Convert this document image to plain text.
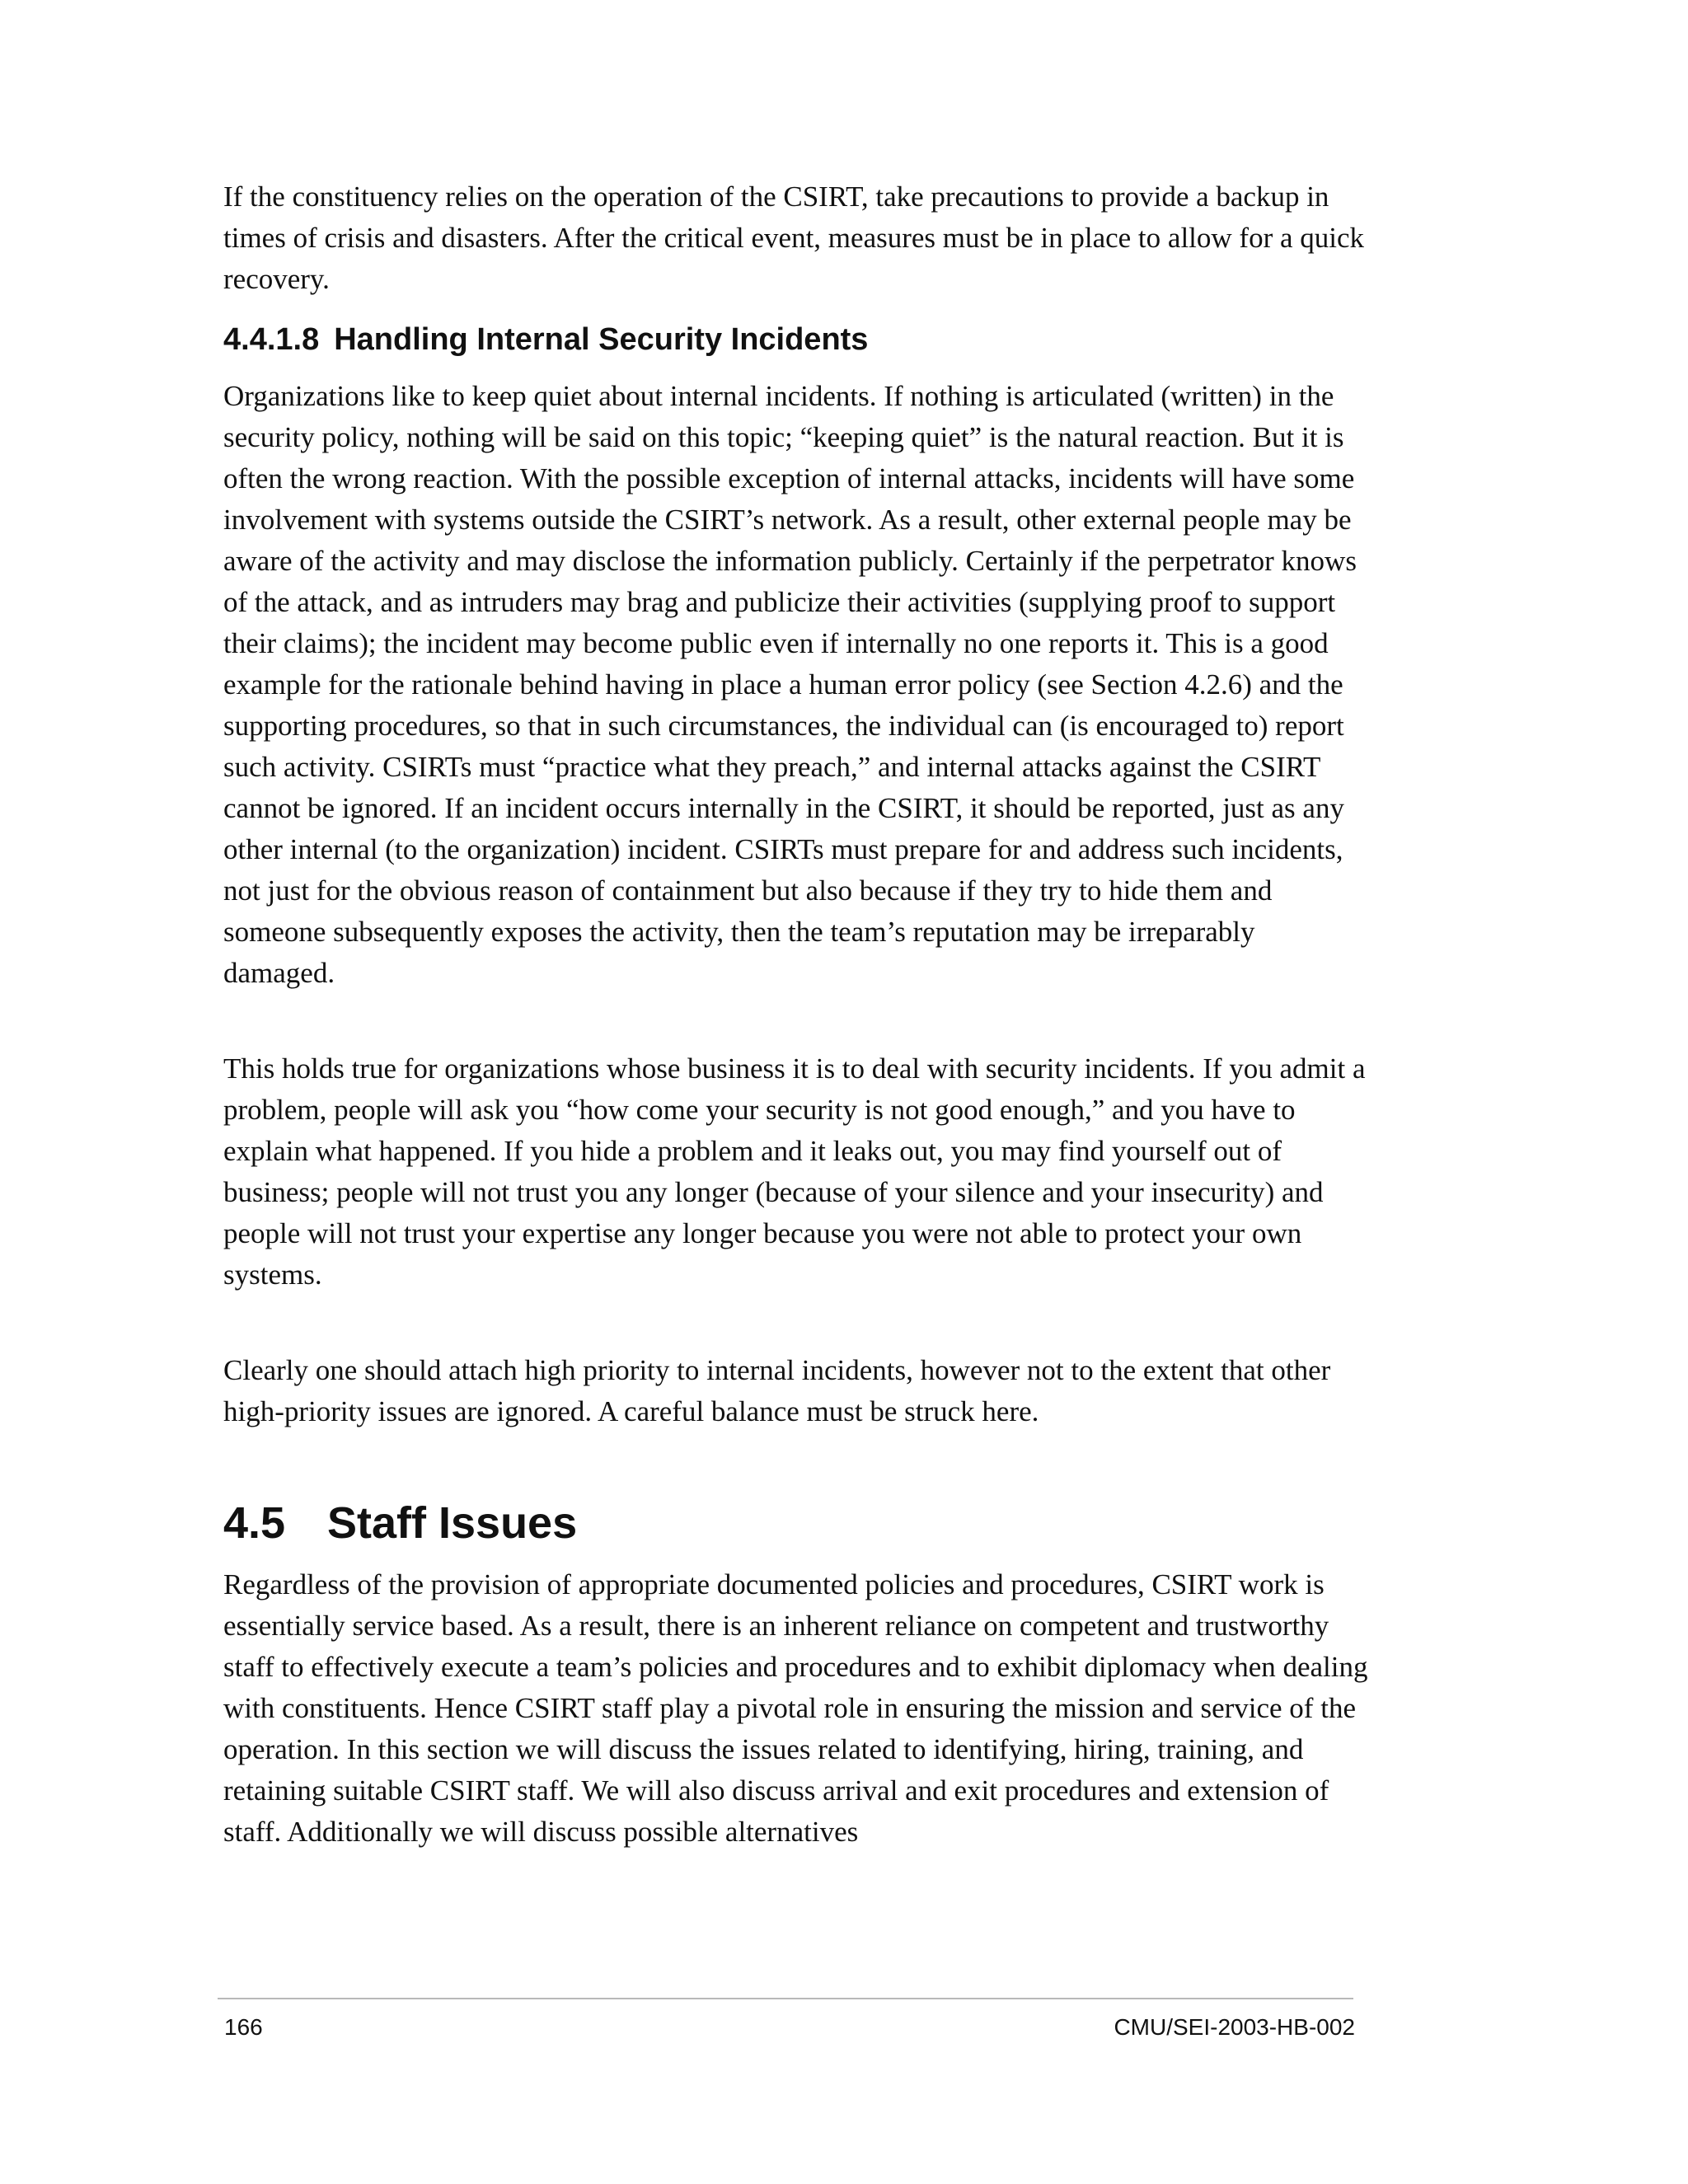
If the constituency relies on the operation of the CSIRT, take precautions to provide a backup in times of crisis and disasters. After the critical event, measures must be in place to allow for a quick recovery.

4.4.1.8 Handling Internal Security Incidents

Organizations like to keep quiet about internal incidents. If nothing is articulated (written) in the security policy, nothing will be said on this topic; “keeping quiet” is the natural reaction. But it is often the wrong reaction. With the possible exception of internal attacks, incidents will have some involvement with systems outside the CSIRT’s network. As a result, other external people may be aware of the activity and may disclose the information publicly. Certainly if the perpetrator knows of the attack, and as intruders may brag and publicize their activities (supplying proof to support their claims); the incident may become public even if internally no one reports it. This is a good example for the rationale behind having in place a human error policy (see Section 4.2.6) and the supporting procedures, so that in such circumstances, the individual can (is encouraged to) report such activity. CSIRTs must “practice what they preach,” and internal attacks against the CSIRT cannot be ignored. If an incident occurs internally in the CSIRT, it should be reported, just as any other internal (to the organization) incident. CSIRTs must prepare for and address such incidents, not just for the obvious reason of containment but also because if they try to hide them and someone subsequently exposes the activity, then the team’s reputation may be irreparably damaged.

This holds true for organizations whose business it is to deal with security incidents. If you admit a problem, people will ask you “how come your security is not good enough,” and you have to explain what happened. If you hide a problem and it leaks out, you may find yourself out of business; people will not trust you any longer (because of your silence and your insecurity) and people will not trust your expertise any longer because you were not able to protect your own systems.

Clearly one should attach high priority to internal incidents, however not to the extent that other high-priority issues are ignored. A careful balance must be struck here.

4.5 Staff Issues

Regardless of the provision of appropriate documented policies and procedures, CSIRT work is essentially service based. As a result, there is an inherent reliance on competent and trustworthy staff to effectively execute a team’s policies and procedures and to exhibit diplomacy when dealing with constituents. Hence CSIRT staff play a pivotal role in ensuring the mission and service of the operation. In this section we will discuss the issues related to identifying, hiring, training, and retaining suitable CSIRT staff. We will also discuss arrival and exit procedures and extension of staff. Additionally we will discuss possible alternatives

166	CMU/SEI-2003-HB-002
